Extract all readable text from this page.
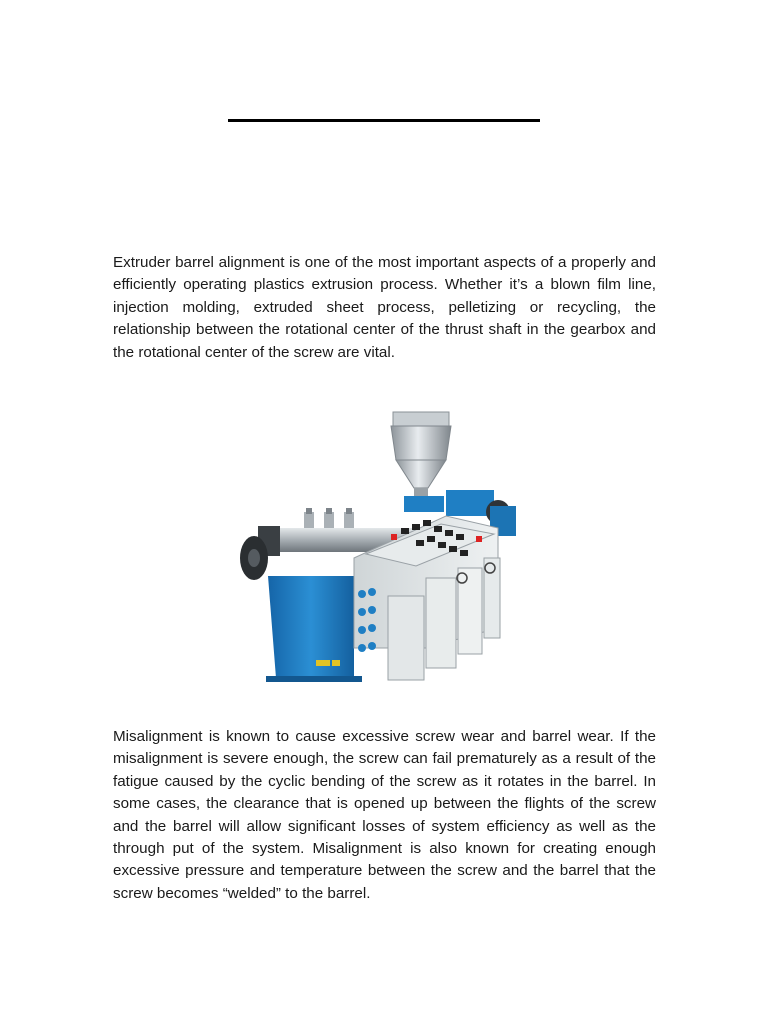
Extruder barrel alignment is one of the most important aspects of a properly and efficiently operating plastics extrusion process. Whether it’s a blown film line, injection molding, extruded sheet process, pelletizing or recycling, the relationship between the rotational center of the thrust shaft in the gearbox and the rotational center of the screw are vital.

Misalignment is known to cause excessive screw wear and barrel wear. If the misalignment is severe enough, the screw can fail prematurely as a result of the fatigue caused by the cyclic bending of the screw as it rotates in the barrel. In some cases, the clearance that is opened up between the flights of the screw and the barrel will allow significant losses of system efficiency as well as the through put of the system. Misalignment is also known for creating enough excessive pressure and temperature between the screw and the barrel that the screw becomes “welded” to the barrel.
